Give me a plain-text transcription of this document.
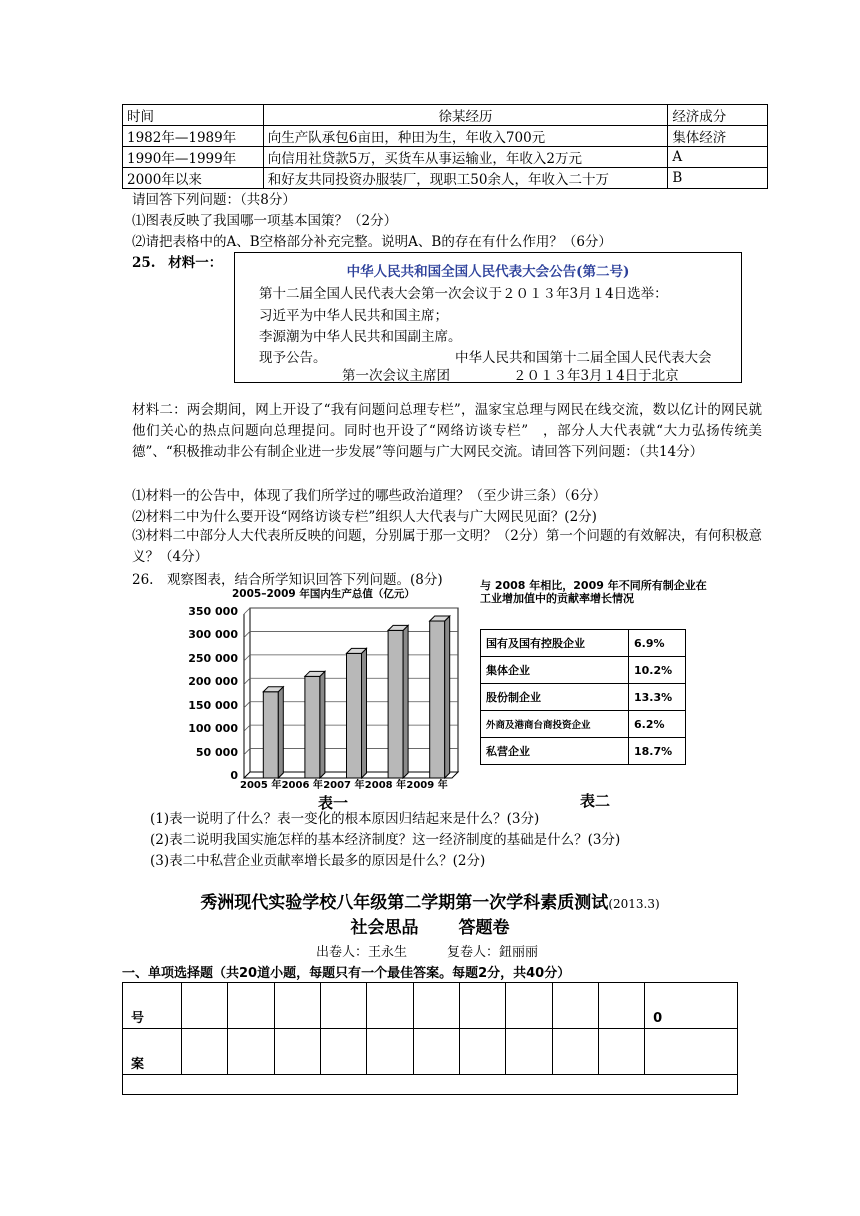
时间	徐某经历	经济成分
1982年—1989年	向生产队承包6亩田，种田为生，年收入700元	集体经济
1990年—1999年	向信用社贷款5万，买货车从事运输业，年收入2万元	A
2000年以来	和好友共同投资办服装厂，现职工50余人，年收入二十万	B
请回答下列问题：（共8分）
⑴图表反映了我国哪一项基本国策？（2分）
⑵请把表格中的A、B空格部分补充完整。说明A、B的存在有什么作用？（6分）
25. 材料一：
中华人民共和国全国人民代表大会公告(第二号)
第十二届全国人民代表大会第一次会议于２０１３年3月１4日选举：
习近平为中华人民共和国主席；
李源潮为中华人民共和国副主席。
现予公告。	中华人民共和国第十二届全国人民代表大会
第一次会议主席团	２０１３年3月１4日于北京
材料二：两会期间，网上开设了“我有问题问总理专栏”，温家宝总理与网民在线交流，数以亿计的网民就他们关心的热点问题向总理提问。同时也开设了“网络访谈专栏”　，部分人大代表就“大力弘扬传统美德”、“积极推动非公有制企业进一步发展”等问题与广大网民交流。请回答下列问题：（共14分）
⑴材料一的公告中，体现了我们所学过的哪些政治道理？（至少讲三条）（6分）
⑵材料二中为什么要开设“网络访谈专栏”组织人大代表与广大网民见面？(2分)
⑶材料二中部分人大代表所反映的问题，分别属于那一文明？（2分）第一个问题的有效解决，有何积极意义？（4分）
26.　观察图表，结合所学知识回答下列问题。(8分)
2005–2009 年国内生产总值（亿元）
350 000
300 000
250 000
200 000
150 000
100 000
50 000
0
表一
与 2008 年相比，2009 年不同所有制企业在工业增加值中的贡献率增长情况
国有及国有控股企业	6.9%
集体企业	10.2%
股份制企业	13.3%
外商及港商台商投资企业	6.2%
私营企业	18.7%
表二
(1)表一说明了什么？表一变化的根本原因归结起来是什么？(3分)
(2)表二说明我国实施怎样的基本经济制度？这一经济制度的基础是什么？(3分)
(3)表二中私营企业贡献率增长最多的原因是什么？(2分)
秀洲现代实验学校八年级第二学期第一次学科素质测试(2013.3)
社会思品 答题卷
出卷人：王永生	复卷人：鈕丽丽
一、单项选择题（共20道小题，每题只有一个最佳答案。每题2分，共40分）
号											0
案											

2005 年 2006 年 2007 年 2008 年 2009 年
